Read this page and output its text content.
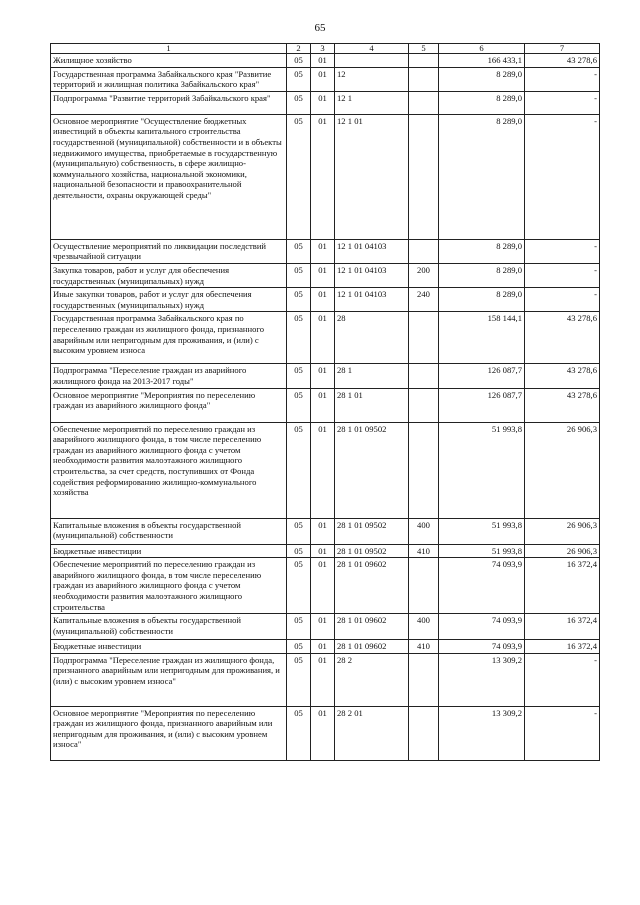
65
1	2	3	4	5	6	7
Жилищное хозяйство	05	01			166 433,1	43 278,6
Государственная программа Забайкальского края "Развитие территорий и жилищная политика Забайкальского края"	05	01	12		8 289,0	-
Подпрограмма "Развитие территорий Забайкальского края"	05	01	12 1		8 289,0	-
Основное мероприятие "Осуществление бюджетных инвестиций в объекты капитального строительства государственной (муниципальной) собственности и в объекты недвижимого имущества, приобретаемые в государственную (муниципальную) собственность, в сфере жилищно-коммунального хозяйства, национальной экономики, национальной безопасности и правоохранительной деятельности, охраны окружающей среды"	05	01	12 1 01		8 289,0	-
Осуществление мероприятий по ликвидации последствий чрезвычайной ситуации	05	01	12 1 01 04103		8 289,0	-
Закупка товаров, работ и услуг для обеспечения государственных (муниципальных) нужд	05	01	12 1 01 04103	200	8 289,0	-
Иные закупки товаров, работ и услуг для обеспечения государственных (муниципальных) нужд	05	01	12 1 01 04103	240	8 289,0	-
Государственная программа Забайкальского края по переселению граждан из жилищного фонда, признанного аварийным или непригодным для проживания, и (или) с высоким уровнем износа	05	01	28		158 144,1	43 278,6
Подпрограмма "Переселение граждан из аварийного жилищного фонда на 2013-2017 годы"	05	01	28 1		126 087,7	43 278,6
Основное мероприятие "Мероприятия по переселению граждан из аварийного жилищного фонда"	05	01	28 1 01		126 087,7	43 278,6
Обеспечение мероприятий по переселению граждан из аварийного жилищного фонда, в том числе переселению граждан из аварийного жилищного фонда с учетом необходимости развития малоэтажного жилищного строительства, за счет средств, поступивших от Фонда содействия реформированию жилищно-коммунального хозяйства	05	01	28 1 01 09502		51 993,8	26 906,3
Капитальные вложения в объекты государственной (муниципальной) собственности	05	01	28 1 01 09502	400	51 993,8	26 906,3
Бюджетные инвестиции	05	01	28 1 01 09502	410	51 993,8	26 906,3
Обеспечение мероприятий по переселению граждан из аварийного жилищного фонда, в том числе переселению граждан из аварийного жилищного фонда с учетом необходимости развития малоэтажного жилищного строительства	05	01	28 1 01 09602		74 093,9	16 372,4
Капитальные вложения в объекты государственной (муниципальной) собственности	05	01	28 1 01 09602	400	74 093,9	16 372,4
Бюджетные инвестиции	05	01	28 1 01 09602	410	74 093,9	16 372,4
Подпрограмма "Переселение граждан из жилищного фонда, признанного аварийным или непригодным для проживания, и (или) с высоким уровнем износа"	05	01	28 2		13 309,2	-
Основное мероприятие "Мероприятия по переселению граждан из жилищного фонда, признанного аварийным или непригодным для проживания, и (или) с высоким уровнем износа"	05	01	28 2 01		13 309,2	-
